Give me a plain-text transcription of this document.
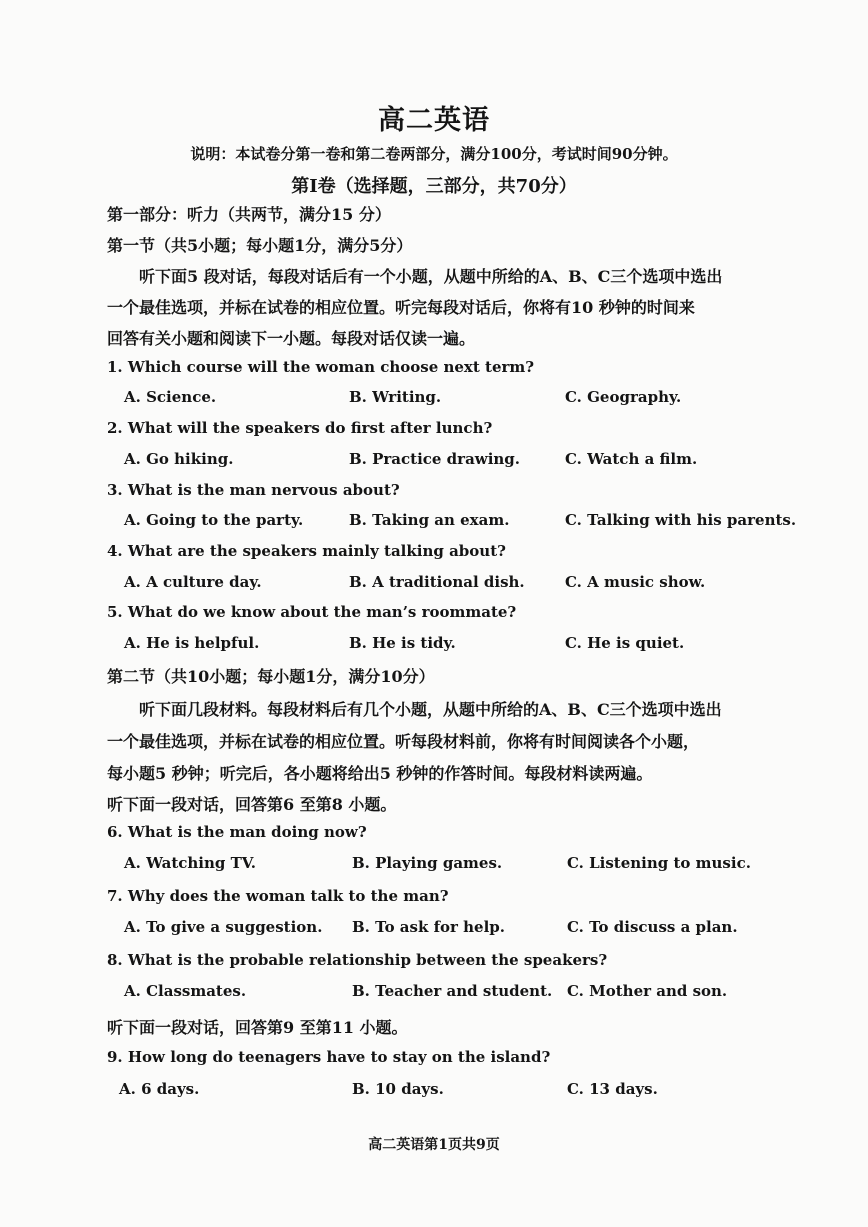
高二英语
说明：本试卷分第一卷和第二卷两部分，满分100分，考试时间90分钟。
第I卷（选择题，三部分，共70分）
第一部分：听力（共两节，满分15 分）
第一节（共5小题；每小题1分，满分5分）
听下面5 段对话，每段对话后有一个小题，从题中所给的A、B、C三个选项中选出
一个最佳选项，并标在试卷的相应位置。听完每段对话后，你将有10 秒钟的时间来
回答有关小题和阅读下一小题。每段对话仅读一遍。
1. Which course will the woman choose next term?
A. Science.	B. Writing.	C. Geography.
2. What will the speakers do first after lunch?
A. Go hiking.	B. Practice drawing.	C. Watch a film.
3. What is the man nervous about?
A. Going to the party.	B. Taking an exam.	C. Talking with his parents.
4. What are the speakers mainly talking about?
A. A culture day.	B. A traditional dish.	C. A music show.
5. What do we know about the man’s roommate?
A. He is helpful.	B. He is tidy.	C. He is quiet.
第二节（共10小题；每小题1分，满分10分）
听下面几段材料。每段材料后有几个小题，从题中所给的A、B、C三个选项中选出
一个最佳选项，并标在试卷的相应位置。听每段材料前，你将有时间阅读各个小题，
每小题5 秒钟；听完后，各小题将给出5 秒钟的作答时间。每段材料读两遍。
听下面一段对话，回答第6 至第8 小题。
6. What is the man doing now?
A. Watching TV.	B. Playing games.	C. Listening to music.
7. Why does the woman talk to the man?
A. To give a suggestion. B. To ask for help.	C. To discuss a plan.
8. What is the probable relationship between the speakers?
A. Classmates.	B. Teacher and student. C. Mother and son.
听下面一段对话，回答第9 至第11 小题。
9. How long do teenagers have to stay on the island?
A. 6 days.	B. 10 days.	C. 13 days.
高二英语第1页共9页
